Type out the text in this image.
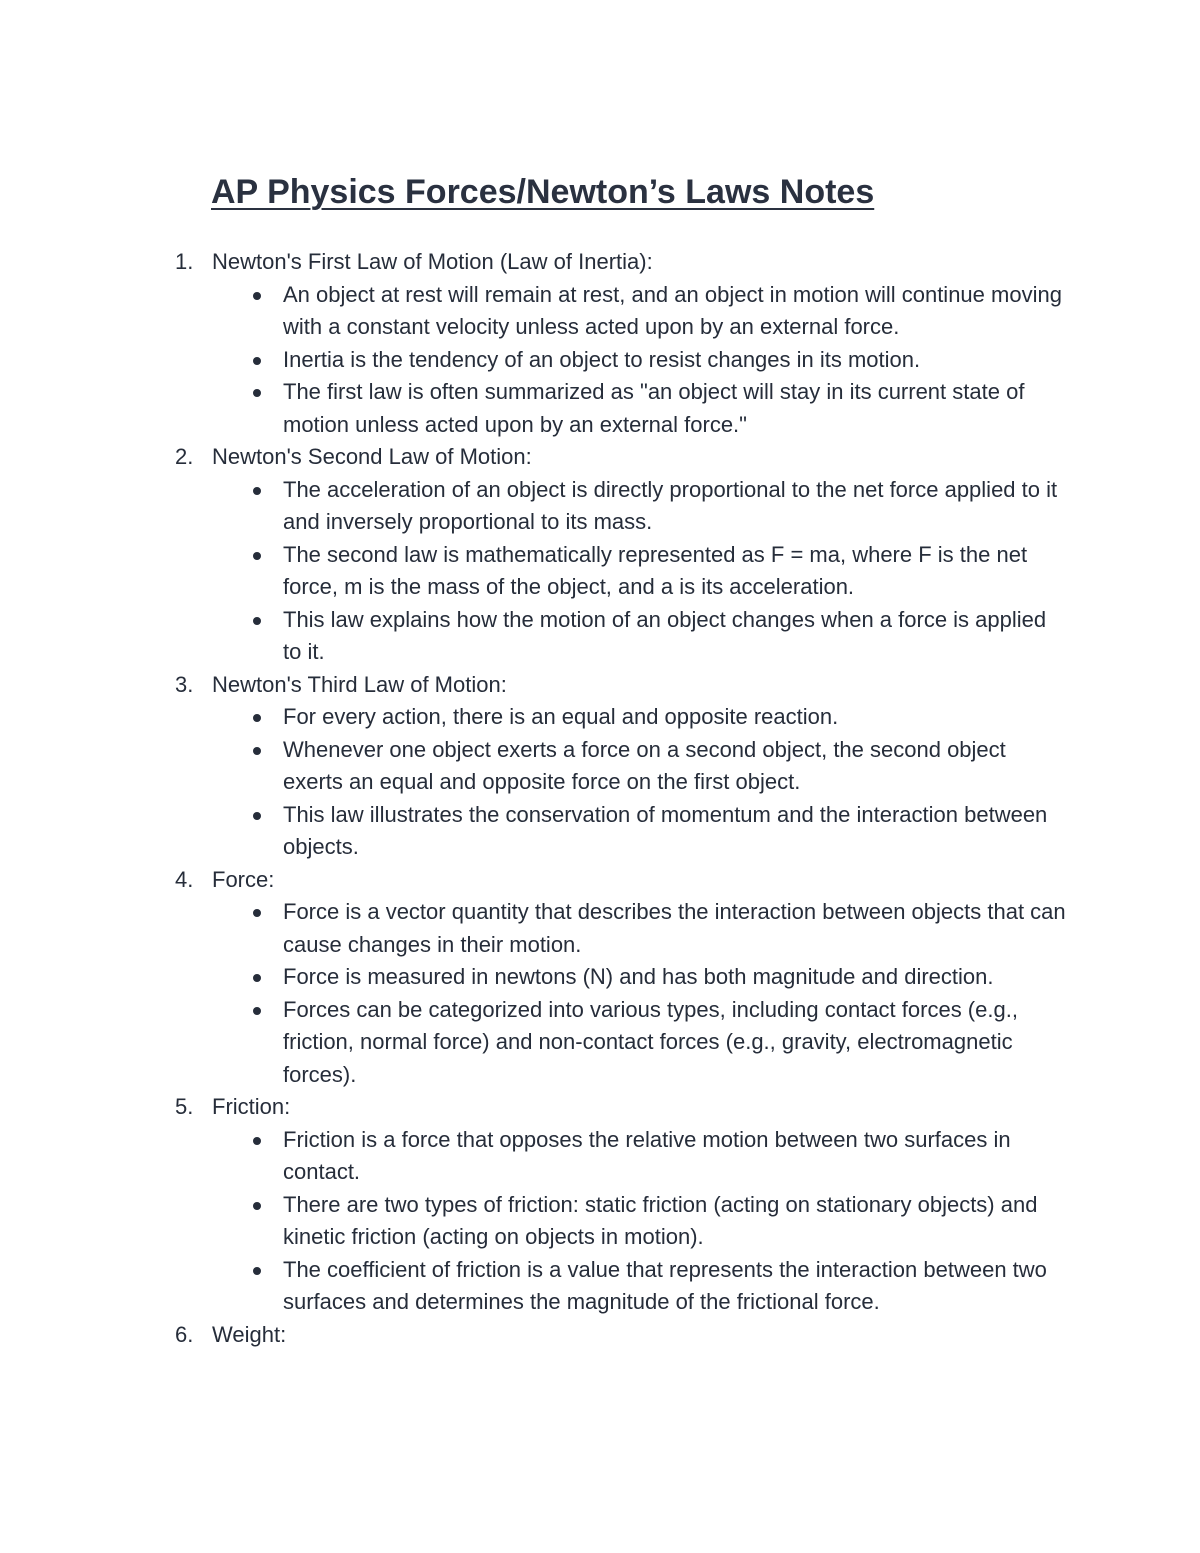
AP Physics Forces/Newton’s Laws Notes
1. Newton's First Law of Motion (Law of Inertia):
An object at rest will remain at rest, and an object in motion will continue moving with a constant velocity unless acted upon by an external force.
Inertia is the tendency of an object to resist changes in its motion.
The first law is often summarized as "an object will stay in its current state of motion unless acted upon by an external force."
2. Newton's Second Law of Motion:
The acceleration of an object is directly proportional to the net force applied to it and inversely proportional to its mass.
The second law is mathematically represented as F = ma, where F is the net force, m is the mass of the object, and a is its acceleration.
This law explains how the motion of an object changes when a force is applied to it.
3. Newton's Third Law of Motion:
For every action, there is an equal and opposite reaction.
Whenever one object exerts a force on a second object, the second object exerts an equal and opposite force on the first object.
This law illustrates the conservation of momentum and the interaction between objects.
4. Force:
Force is a vector quantity that describes the interaction between objects that can cause changes in their motion.
Force is measured in newtons (N) and has both magnitude and direction.
Forces can be categorized into various types, including contact forces (e.g., friction, normal force) and non-contact forces (e.g., gravity, electromagnetic forces).
5. Friction:
Friction is a force that opposes the relative motion between two surfaces in contact.
There are two types of friction: static friction (acting on stationary objects) and kinetic friction (acting on objects in motion).
The coefficient of friction is a value that represents the interaction between two surfaces and determines the magnitude of the frictional force.
6. Weight:
